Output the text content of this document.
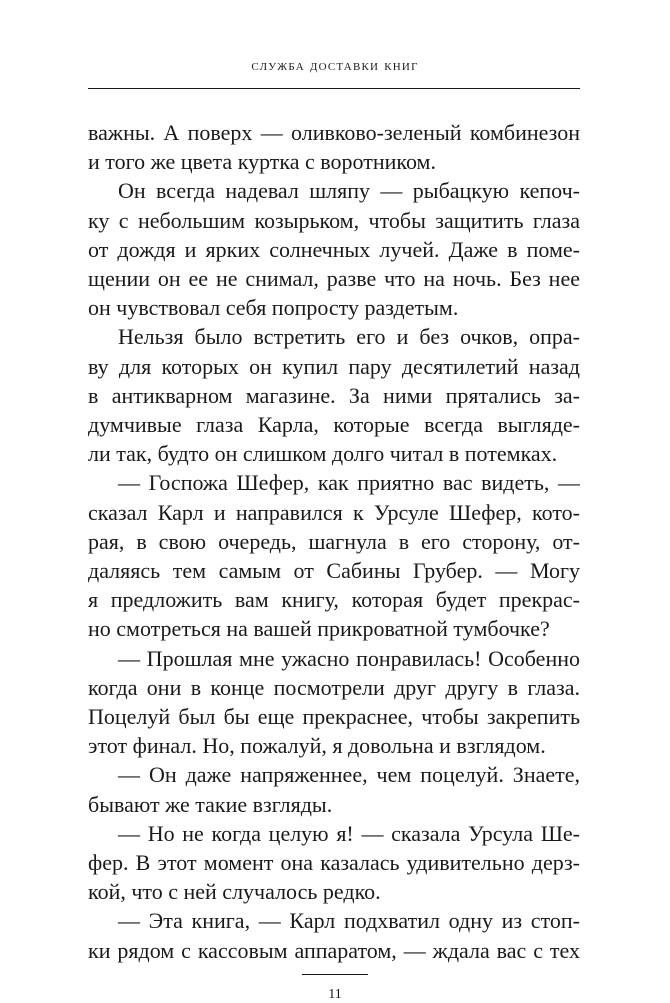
служба доставки книг
важны. А поверх — оливково-зеленый комбинезон
и того же цвета куртка с воротником.
Он всегда надевал шляпу — рыбацкую кепоч-
ку с небольшим козырьком, чтобы защитить глаза
от дождя и ярких солнечных лучей. Даже в поме-
щении он ее не снимал, разве что на ночь. Без нее
он чувствовал себя попросту раздетым.
Нельзя было встретить его и без очков, опра-
ву для которых он купил пару десятилетий назад
в антикварном магазине. За ними прятались за-
думчивые глаза Карла, которые всегда выгляде-
ли так, будто он слишком долго читал в потемках.
— Госпожа Шефер, как приятно вас видеть, —
сказал Карл и направился к Урсуле Шефер, кото-
рая, в свою очередь, шагнула в его сторону, от-
даляясь тем самым от Сабины Грубер. — Могу
я предложить вам книгу, которая будет прекрас-
но смотреться на вашей прикроватной тумбочке?
— Прошлая мне ужасно понравилась! Особенно
когда они в конце посмотрели друг другу в глаза.
Поцелуй был бы еще прекраснее, чтобы закрепить
этот финал. Но, пожалуй, я довольна и взглядом.
— Он даже напряженнее, чем поцелуй. Знаете,
бывают же такие взгляды.
— Но не когда целую я! — сказала Урсула Ше-
фер. В этот момент она казалась удивительно дерз-
кой, что с ней случалось редко.
— Эта книга, — Карл подхватил одну из стоп-
ки рядом с кассовым аппаратом, — ждала вас с тех
11
